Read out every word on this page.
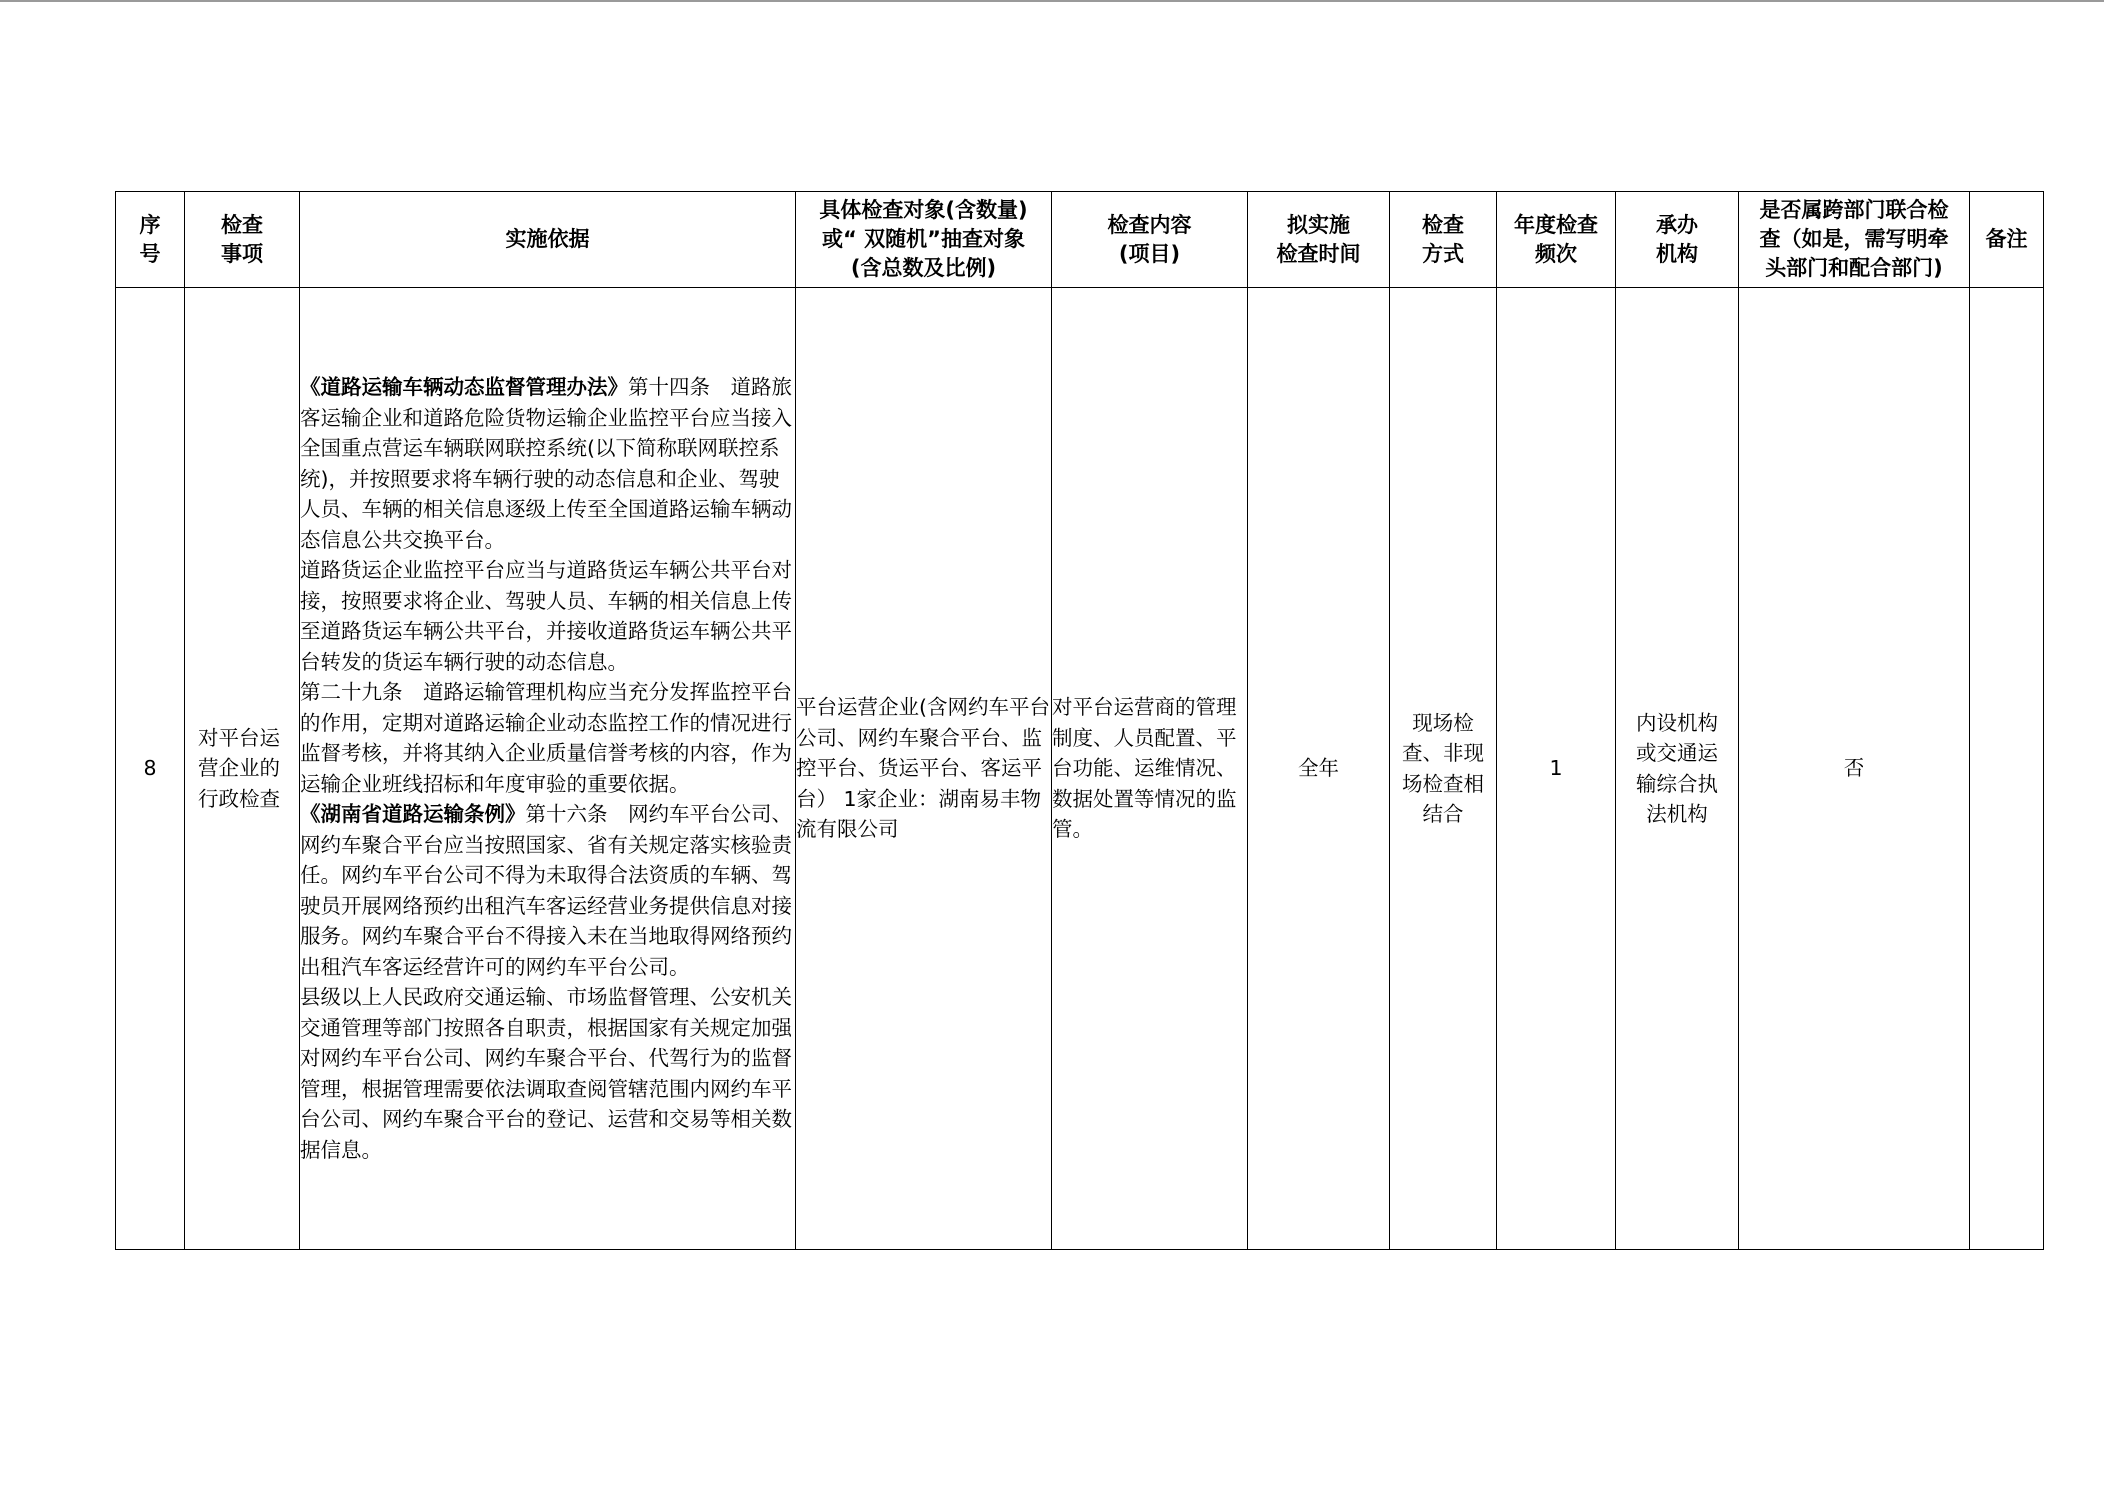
序
号	检查
事项	实施依据	具体检查对象(含数量)
或“ 双随机”抽查对象
(含总数及比例)	检查内容
(项目)	拟实施
检查时间	检查
方式	年度检查
频次	承办
机构	是否属跨部门联合检
查（如是，需写明牵
头部门和配合部门)	备注

8	对平台运营企业的行政检查	《道路运输车辆动态监督管理办法》第十四条　道路旅客运输企业和道路危险货物运输企业监控平台应当接入全国重点营运车辆联网联控系统(以下简称联网联控系统)，并按照要求将车辆行驶的动态信息和企业、驾驶人员、车辆的相关信息逐级上传至全国道路运输车辆动态信息公共交换平台。

道路货运企业监控平台应当与道路货运车辆公共平台对接，按照要求将企业、驾驶人员、车辆的相关信息上传至道路货运车辆公共平台，并接收道路货运车辆公共平台转发的货运车辆行驶的动态信息。

第二十九条　道路运输管理机构应当充分发挥监控平台的作用，定期对道路运输企业动态监控工作的情况进行监督考核，并将其纳入企业质量信誉考核的内容，作为运输企业班线招标和年度审验的重要依据。

《湖南省道路运输条例》第十六条　网约车平台公司、网约车聚合平台应当按照国家、省有关规定落实核验责任。网约车平台公司不得为未取得合法资质的车辆、驾驶员开展网络预约出租汽车客运经营业务提供信息对接服务。网约车聚合平台不得接入未在当地取得网络预约出租汽车客运经营许可的网约车平台公司。

县级以上人民政府交通运输、市场监督管理、公安机关交通管理等部门按照各自职责，根据国家有关规定加强对网约车平台公司、网约车聚合平台、代驾行为的监督管理，根据管理需要依法调取查阅管辖范围内网约车平台公司、网约车聚合平台的登记、运营和交易等相关数据信息。	平台运营企业(含网约车平台公司、网约车聚合平台、监控平台、货运平台、客运平台） 1家企业：湖南易丰物流有限公司	对平台运营商的管理制度、人员配置、平台功能、运维情况、数据处置等情况的监管。	全年	现场检查、非现场检查相结合	1	内设机构或交通运输综合执法机构	否	
